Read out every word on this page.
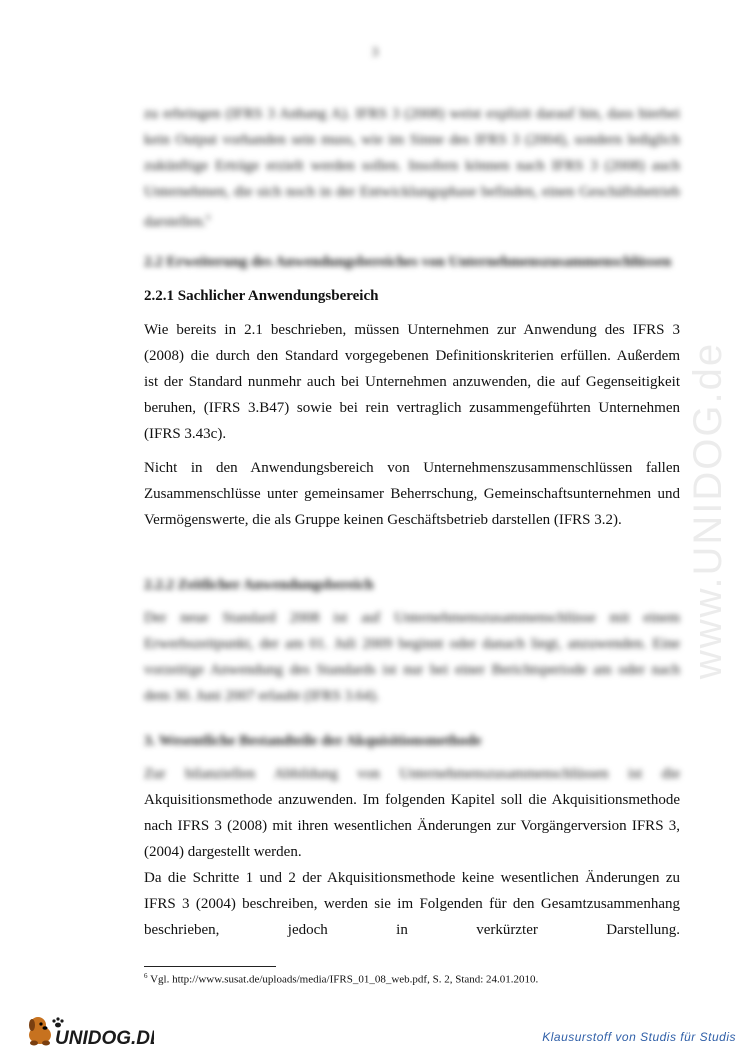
3
www.UNIDOG.de
zu erbringen (IFRS 3 Anhang A). IFRS 3 (2008) weist explizit darauf hin, dass hierbei
kein Output vorhanden sein muss, wie im Sinne des IFRS 3 (2004), sondern lediglich
zukünftige Erträge erzielt werden sollen. Insofern können nach IFRS 3 (2008) auch
Unternehmen, die sich noch in der Entwicklungsphase befinden, einen Geschäftsbetrieb
darstellen.$^6$
2.2 Erweiterung des Anwendungsbereiches von Unternehmenszusammenschlüssen
2.2.1 Sachlicher Anwendungsbereich
Wie bereits in 2.1 beschrieben, müssen Unternehmen zur Anwendung des IFRS 3
(2008) die durch den Standard vorgegebenen Definitionskriterien erfüllen. Außerdem
ist der Standard nunmehr auch bei Unternehmen anzuwenden, die auf Gegenseitigkeit
beruhen, (IFRS 3.B47) sowie bei rein vertraglich zusammengeführten Unternehmen
(IFRS 3.43c).
Nicht in den Anwendungsbereich von Unternehmenszusammenschlüssen fallen
Zusammenschlüsse unter gemeinsamer Beherrschung, Gemeinschaftsunternehmen und
Vermögenswerte, die als Gruppe keinen Geschäftsbetrieb darstellen (IFRS 3.2).
2.2.2 Zeitlicher Anwendungsbereich
Der neue Standard 2008 ist auf Unternehmenszusammenschlüsse mit einem
Erwerbszeitpunkt, der am 01. Juli 2009 beginnt oder danach liegt, anzuwenden. Eine
vorzeitige Anwendung des Standards ist nur bei einer Berichtsperiode am oder nach
dem 30. Juni 2007 erlaubt (IFRS 3.64).
3. Wesentliche Bestandteile der Akquisitionsmethode
Zur bilanziellen Abbildung von Unternehmenszusammenschlüssen ist die
Akquisitionsmethode anzuwenden. Im folgenden Kapitel soll die Akquisitionsmethode
nach IFRS 3 (2008) mit ihren wesentlichen Änderungen zur Vorgängerversion IFRS 3,
(2004) dargestellt werden.
Da die Schritte 1 und 2 der Akquisitionsmethode keine wesentlichen Änderungen zu
IFRS 3 (2004) beschreiben, werden sie im Folgenden für den Gesamtzusammenhang
beschrieben, jedoch in verkürzter Darstellung.
$^6$ Vgl. http://www.susat.de/uploads/media/IFRS_01_08_web.pdf, S. 2, Stand: 24.01.2010.
UNIDOG.DE	Klausurstoff von Studis für Studis
